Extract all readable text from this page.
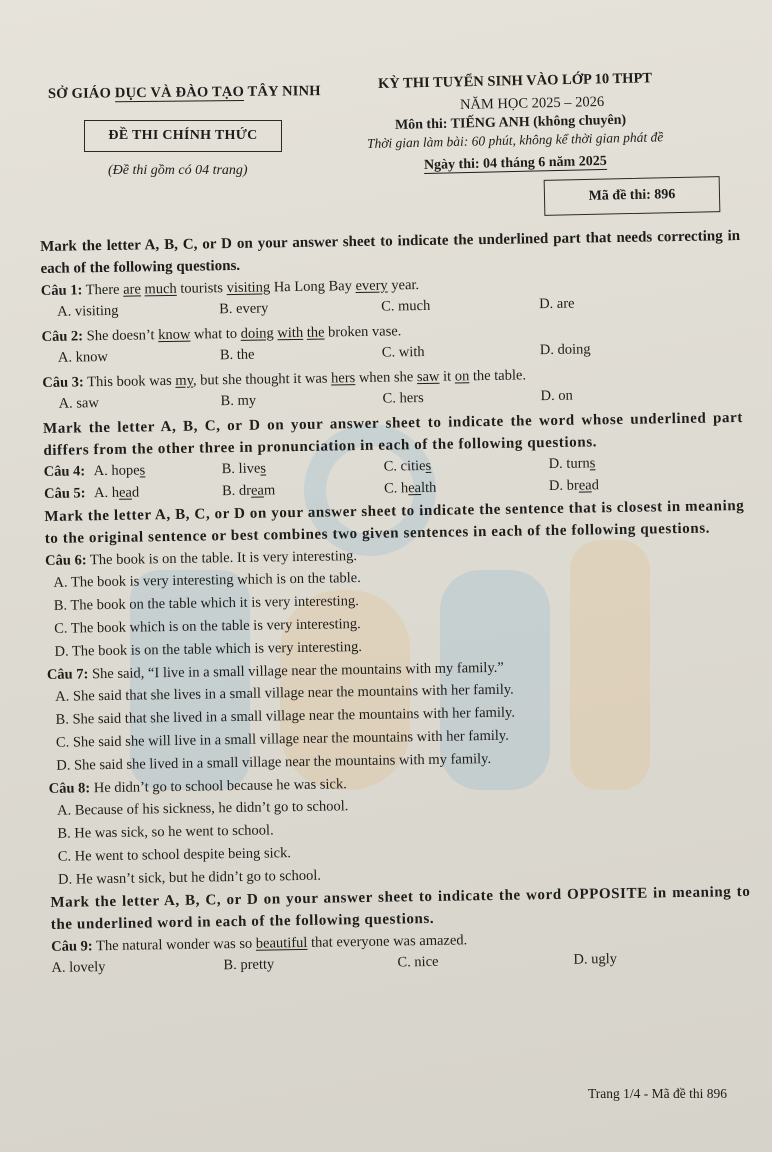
SỞ GIÁO DỤC VÀ ĐÀO TẠO TÂY NINH	KỲ THI TUYỂN SINH VÀO LỚP 10 THPT
NĂM HỌC 2025 – 2026
ĐỀ THI CHÍNH THỨC
Môn thi: TIẾNG ANH (không chuyên)
Thời gian làm bài: 60 phút, không kể thời gian phát đề
(Đề thi gồm có 04 trang)	Ngày thi: 04 tháng 6 năm 2025
Mã đề thi: 896

Mark the letter A, B, C, or D on your answer sheet to indicate the underlined part that needs correcting in each of the following questions.

Câu 1: There are much tourists visiting Ha Long Bay every year.

A. visiting	B. every	C. much	D. are

Câu 2: She doesn’t know what to doing with the broken vase.

A. know	B. the	C. with	D. doing

Câu 3: This book was my, but she thought it was hers when she saw it on the table.

A. saw	B. my	C. hers	D. on

Mark the letter A, B, C, or D on your answer sheet to indicate the word whose underlined part differs from the other three in pronunciation in each of the following questions.

Câu 4: A. hopes	B. lives	C. cities	D. turns
Câu 5: A. head	B. dream	C. health	D. bread

Mark the letter A, B, C, or D on your answer sheet to indicate the sentence that is closest in meaning to the original sentence or best combines two given sentences in each of the following questions.

Câu 6: The book is on the table. It is very interesting.

A. The book is very interesting which is on the table.
B. The book on the table which it is very interesting.
C. The book which is on the table is very interesting.
D. The book is on the table which is very interesting.

Câu 7: She said, “I live in a small village near the mountains with my family.”

A. She said that she lives in a small village near the mountains with her family.
B. She said that she lived in a small village near the mountains with her family.
C. She said she will live in a small village near the mountains with her family.
D. She said she lived in a small village near the mountains with my family.

Câu 8: He didn’t go to school because he was sick.

A. Because of his sickness, he didn’t go to school.
B. He was sick, so he went to school.
C. He went to school despite being sick.
D. He wasn’t sick, but he didn’t go to school.

Mark the letter A, B, C, or D on your answer sheet to indicate the word OPPOSITE in meaning to the underlined word in each of the following questions.

Câu 9: The natural wonder was so beautiful that everyone was amazed.

A. lovely	B. pretty	C. nice	D. ugly
Trang 1/4 - Mã đề thi 896
